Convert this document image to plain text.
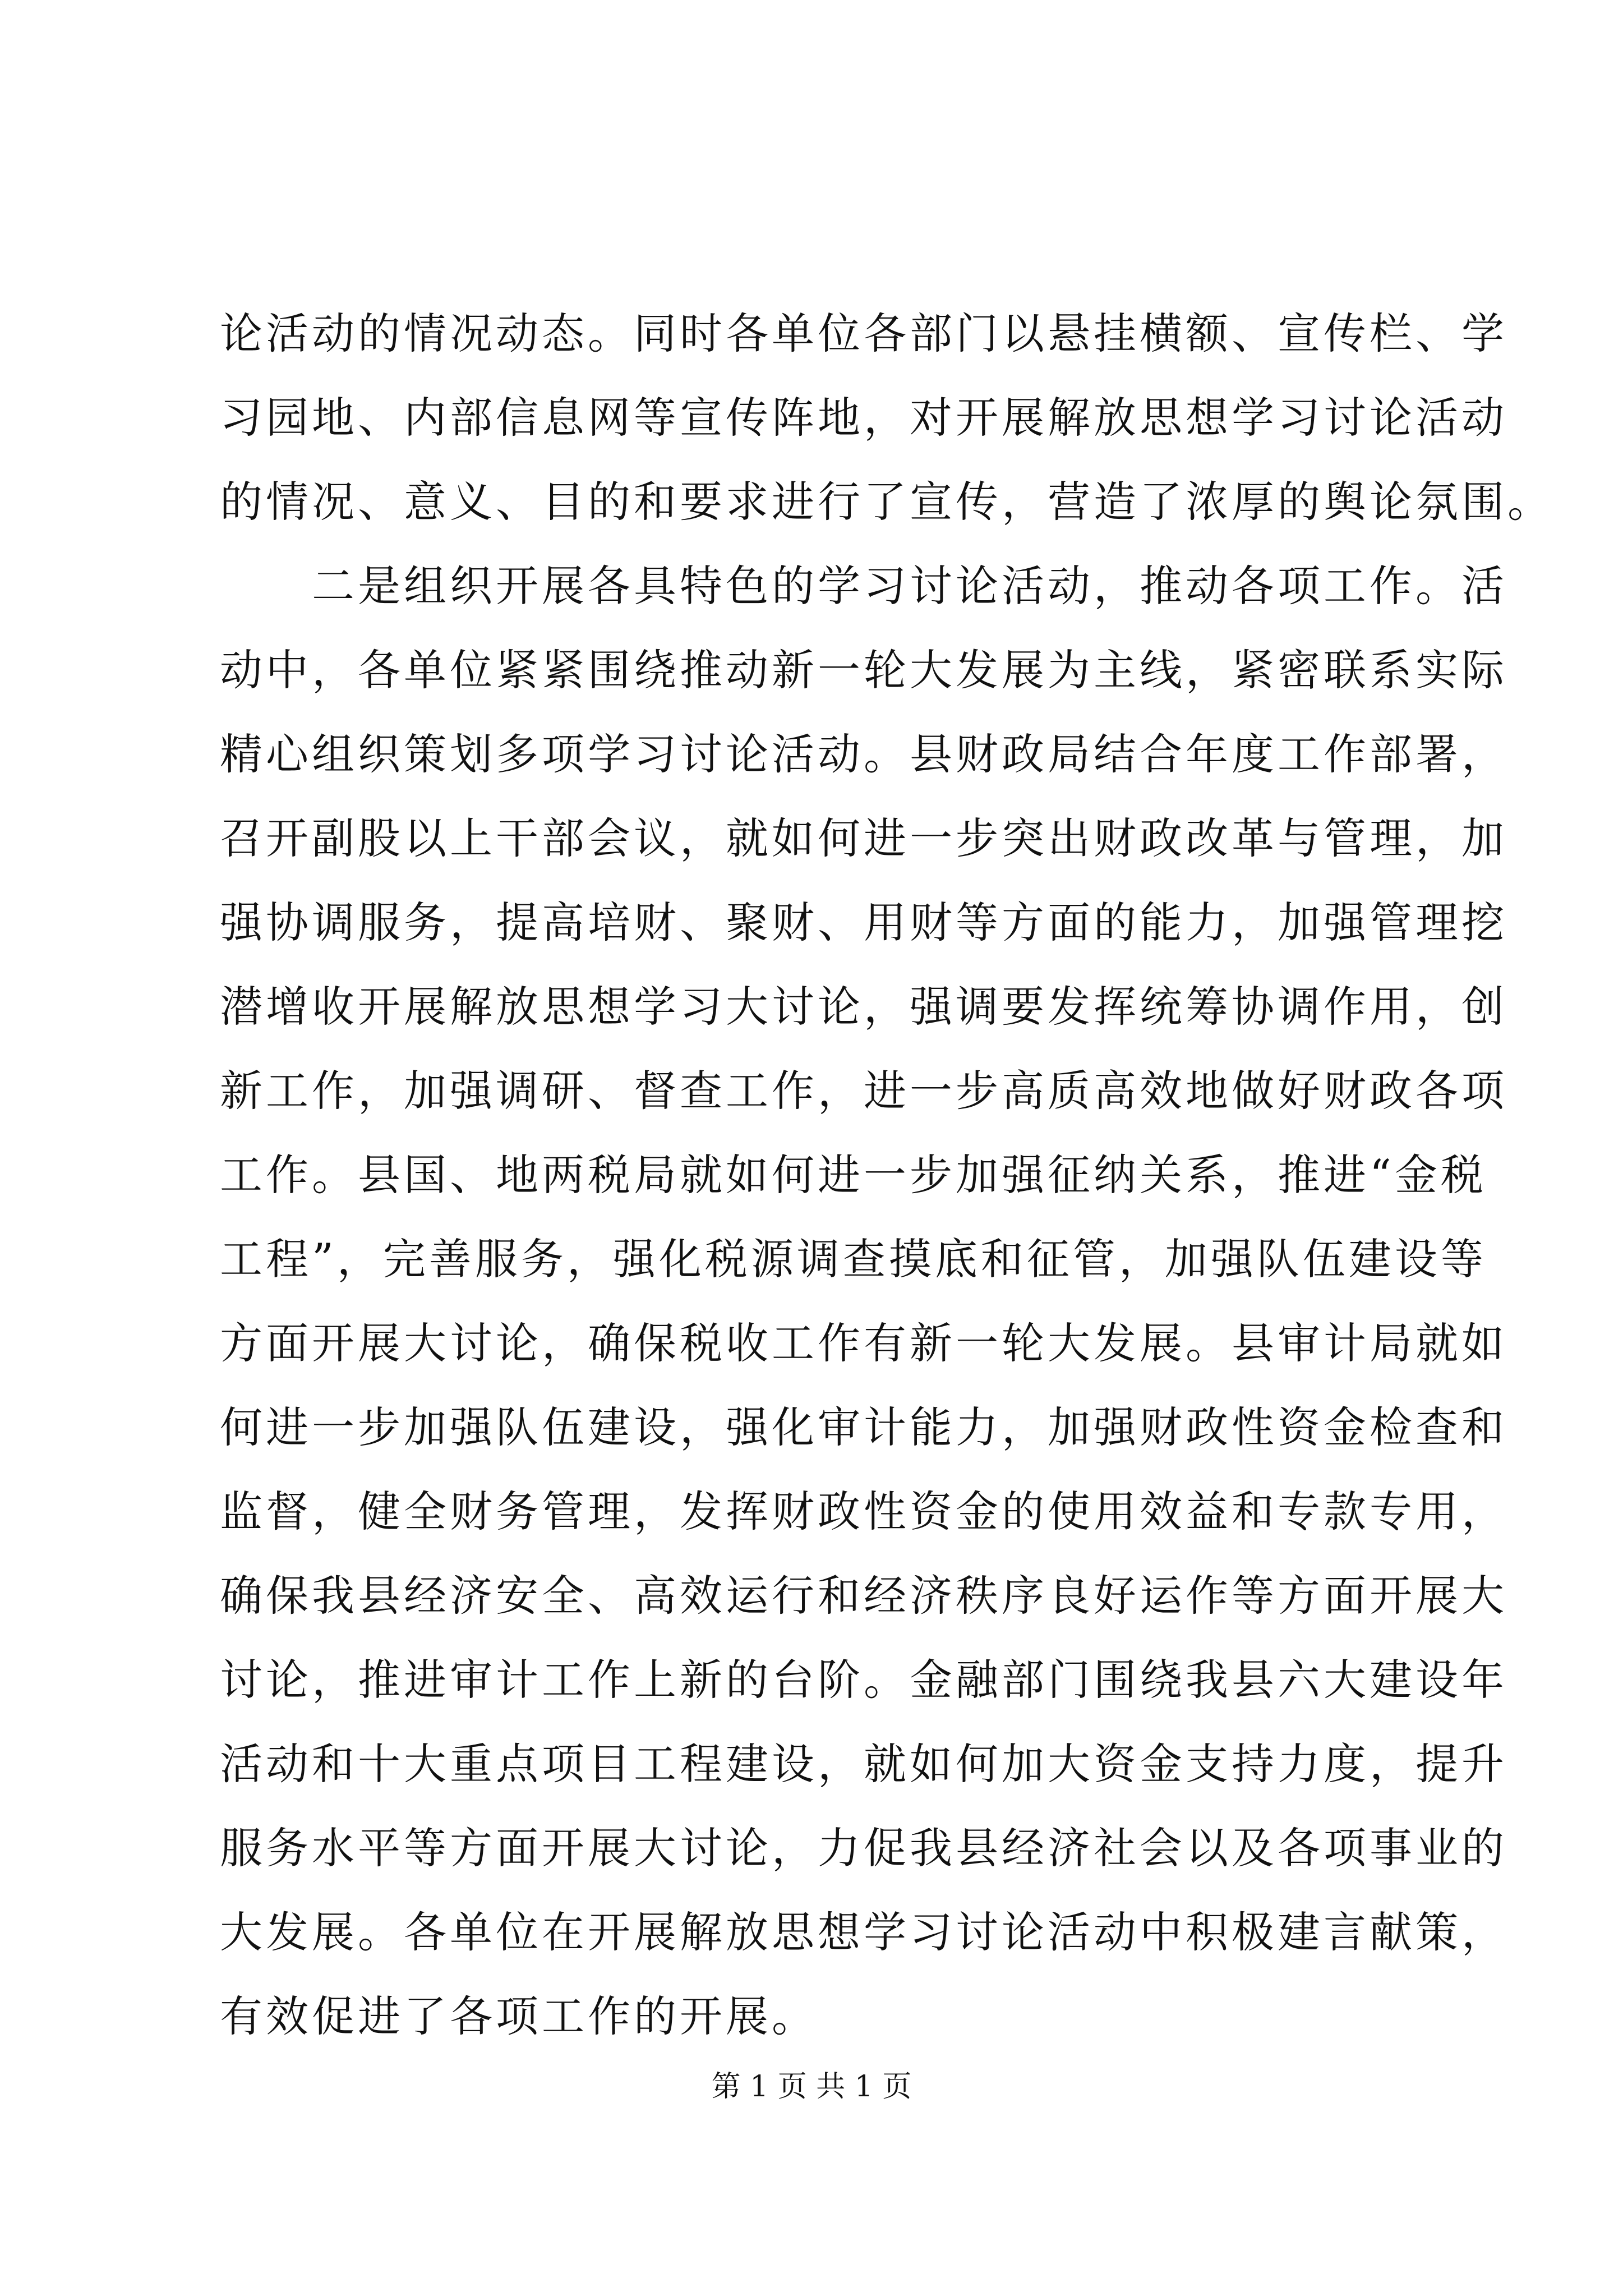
论活动的情况动态。同时各单位各部门以悬挂横额、宣传栏、学
习园地、内部信息网等宣传阵地，对开展解放思想学习讨论活动
的情况、意义、目的和要求进行了宣传，营造了浓厚的舆论氛围。
　　二是组织开展各具特色的学习讨论活动，推动各项工作。活
动中，各单位紧紧围绕推动新一轮大发展为主线，紧密联系实际
精心组织策划多项学习讨论活动。县财政局结合年度工作部署，
召开副股以上干部会议，就如何进一步突出财政改革与管理，加
强协调服务，提高培财、聚财、用财等方面的能力，加强管理挖
潜增收开展解放思想学习大讨论，强调要发挥统筹协调作用，创
新工作，加强调研、督查工作，进一步高质高效地做好财政各项
工作。县国、地两税局就如何进一步加强征纳关系，推进“金税
工程”，完善服务，强化税源调查摸底和征管，加强队伍建设等
方面开展大讨论，确保税收工作有新一轮大发展。县审计局就如
何进一步加强队伍建设，强化审计能力，加强财政性资金检查和
监督，健全财务管理，发挥财政性资金的使用效益和专款专用，
确保我县经济安全、高效运行和经济秩序良好运作等方面开展大
讨论，推进审计工作上新的台阶。金融部门围绕我县六大建设年
活动和十大重点项目工程建设，就如何加大资金支持力度，提升
服务水平等方面开展大讨论，力促我县经济社会以及各项事业的
大发展。各单位在开展解放思想学习讨论活动中积极建言献策，
有效促进了各项工作的开展。
第 1 页 共 1 页
